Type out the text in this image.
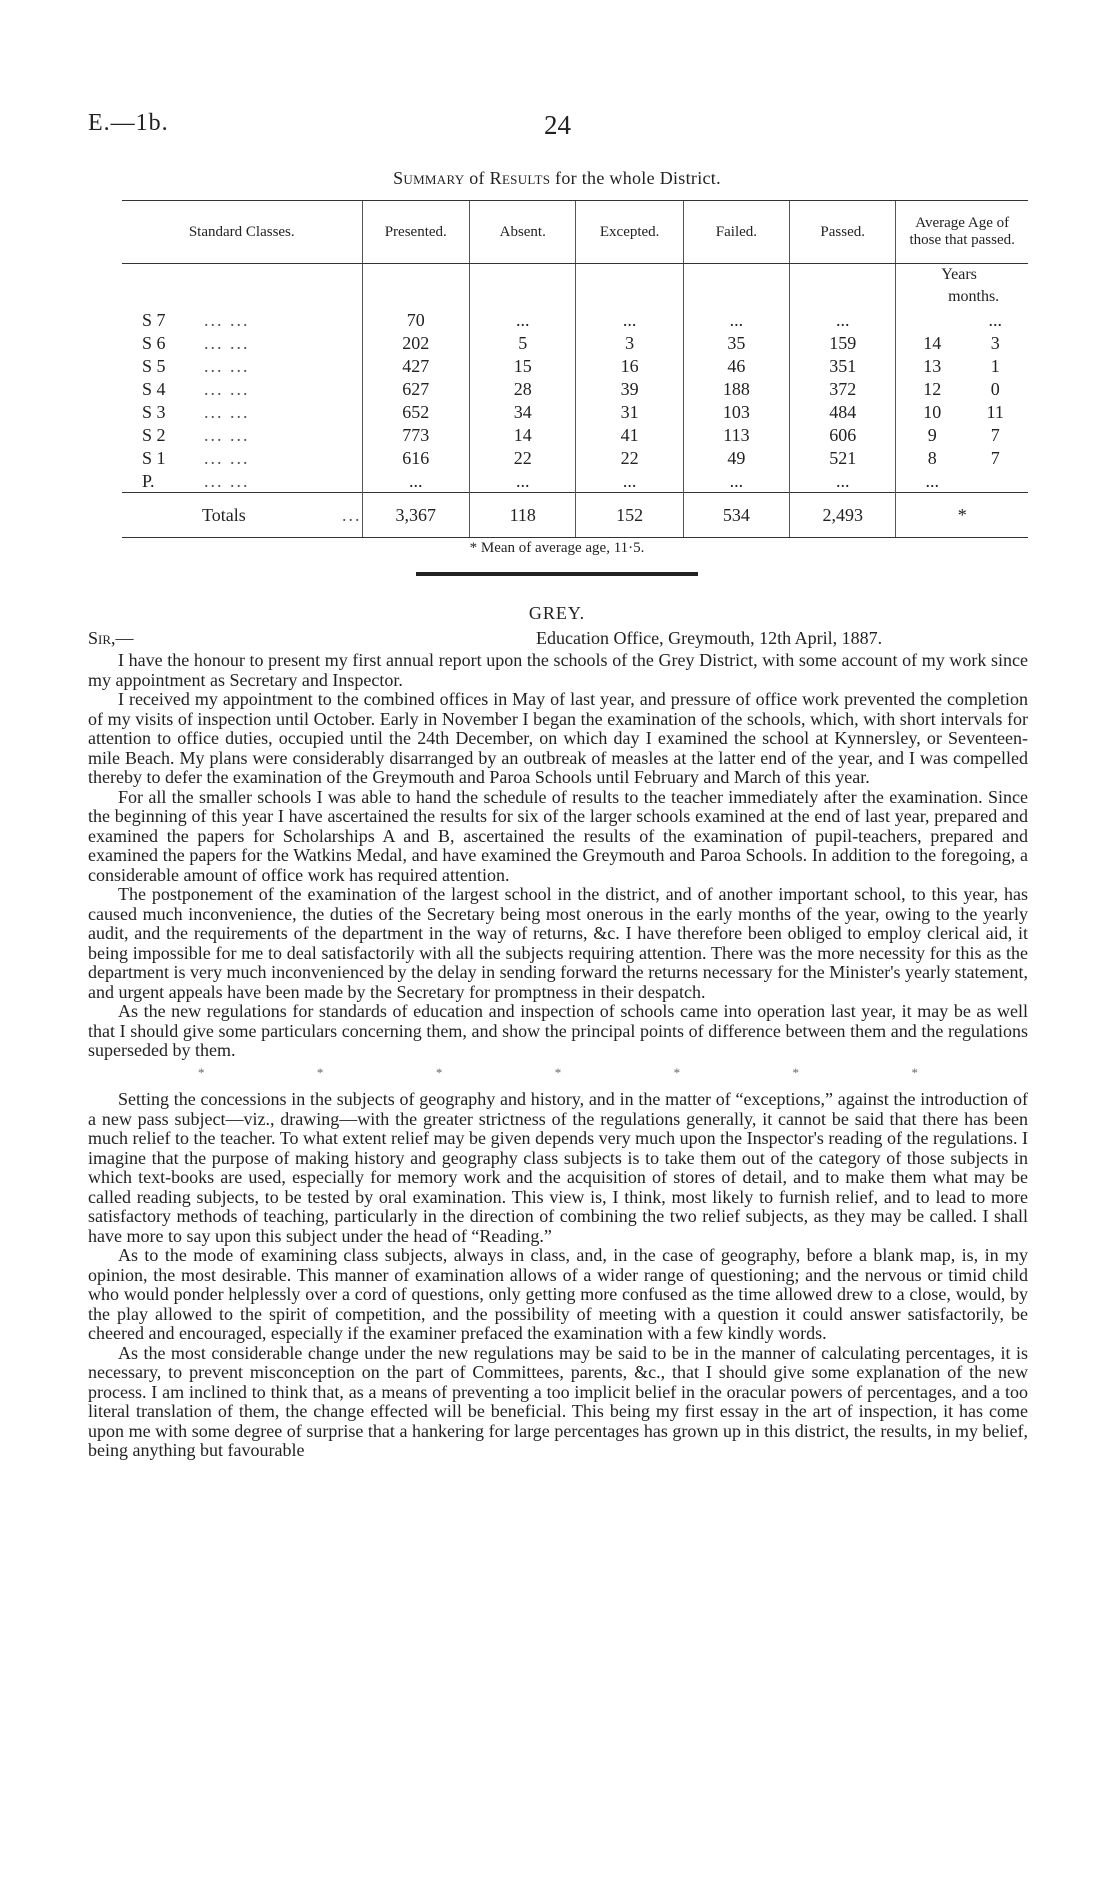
E.—1b.	24
Summary of Results for the whole District.
Standard Classes.	Presented.	Absent.	Excepted.	Failed.	Passed.	Average Age of those that passed.
						Yearsmonths.
S 7 ... ...	70	...	...	...	...	...
S 6 ... ...	202	5	3	35	159	14 3
S 5 ... ...	427	15	16	46	351	13 1
S 4 ... ...	627	28	39	188	372	12 0
S 3 ... ...	652	34	31	103	484	10 11
S 2 ... ...	773	14	41	113	606	9 7
S 1 ... ...	616	22	22	49	521	8 7
P. ... ...	...	...	...	...	...	...
Totals ...	3,367	118	152	534	2,493	*
* Mean of average age, 11·5.
GREY.
Sir,—	Education Office, Greymouth, 12th April, 1887.

I have the honour to present my first annual report upon the schools of the Grey District, with some account of my work since my appointment as Secretary and Inspector.

I received my appointment to the combined offices in May of last year, and pressure of office work prevented the completion of my visits of inspection until October. Early in November I began the examination of the schools, which, with short intervals for attention to office duties, occupied until the 24th December, on which day I examined the school at Kynnersley, or Seventeen-mile Beach. My plans were considerably disarranged by an outbreak of measles at the latter end of the year, and I was compelled thereby to defer the examination of the Greymouth and Paroa Schools until February and March of this year.

For all the smaller schools I was able to hand the schedule of results to the teacher immediately after the examination. Since the beginning of this year I have ascertained the results for six of the larger schools examined at the end of last year, prepared and examined the papers for Scholarships A and B, ascertained the results of the examination of pupil-teachers, prepared and examined the papers for the Watkins Medal, and have examined the Greymouth and Paroa Schools. In addition to the foregoing, a considerable amount of office work has required attention.

The postponement of the examination of the largest school in the district, and of another important school, to this year, has caused much inconvenience, the duties of the Secretary being most onerous in the early months of the year, owing to the yearly audit, and the requirements of the department in the way of returns, &c. I have therefore been obliged to employ clerical aid, it being impossible for me to deal satisfactorily with all the subjects requiring attention. There was the more necessity for this as the department is very much inconvenienced by the delay in sending forward the returns necessary for the Minister's yearly statement, and urgent appeals have been made by the Secretary for promptness in their despatch.

As the new regulations for standards of education and inspection of schools came into operation last year, it may be as well that I should give some particulars concerning them, and show the principal points of difference between them and the regulations superseded by them.

*	*	*	*	*	*	*

Setting the concessions in the subjects of geography and history, and in the matter of “exceptions,” against the introduction of a new pass subject—viz., drawing—with the greater strictness of the regulations generally, it cannot be said that there has been much relief to the teacher. To what extent relief may be given depends very much upon the Inspector's reading of the regulations. I imagine that the purpose of making history and geography class subjects is to take them out of the category of those subjects in which text-books are used, especially for memory work and the acquisition of stores of detail, and to make them what may be called reading subjects, to be tested by oral examination. This view is, I think, most likely to furnish relief, and to lead to more satisfactory methods of teaching, particularly in the direction of combining the two relief subjects, as they may be called. I shall have more to say upon this subject under the head of “Reading.”

As to the mode of examining class subjects, always in class, and, in the case of geography, before a blank map, is, in my opinion, the most desirable. This manner of examination allows of a wider range of questioning; and the nervous or timid child who would ponder helplessly over a cord of questions, only getting more confused as the time allowed drew to a close, would, by the play allowed to the spirit of competition, and the possibility of meeting with a question it could answer satisfactorily, be cheered and encouraged, especially if the examiner prefaced the examination with a few kindly words.

As the most considerable change under the new regulations may be said to be in the manner of calculating percentages, it is necessary, to prevent misconception on the part of Committees, parents, &c., that I should give some explanation of the new process. I am inclined to think that, as a means of preventing a too implicit belief in the oracular powers of percentages, and a too literal translation of them, the change effected will be beneficial. This being my first essay in the art of inspection, it has come upon me with some degree of surprise that a hankering for large percentages has grown up in this district, the results, in my belief, being anything but favourable
